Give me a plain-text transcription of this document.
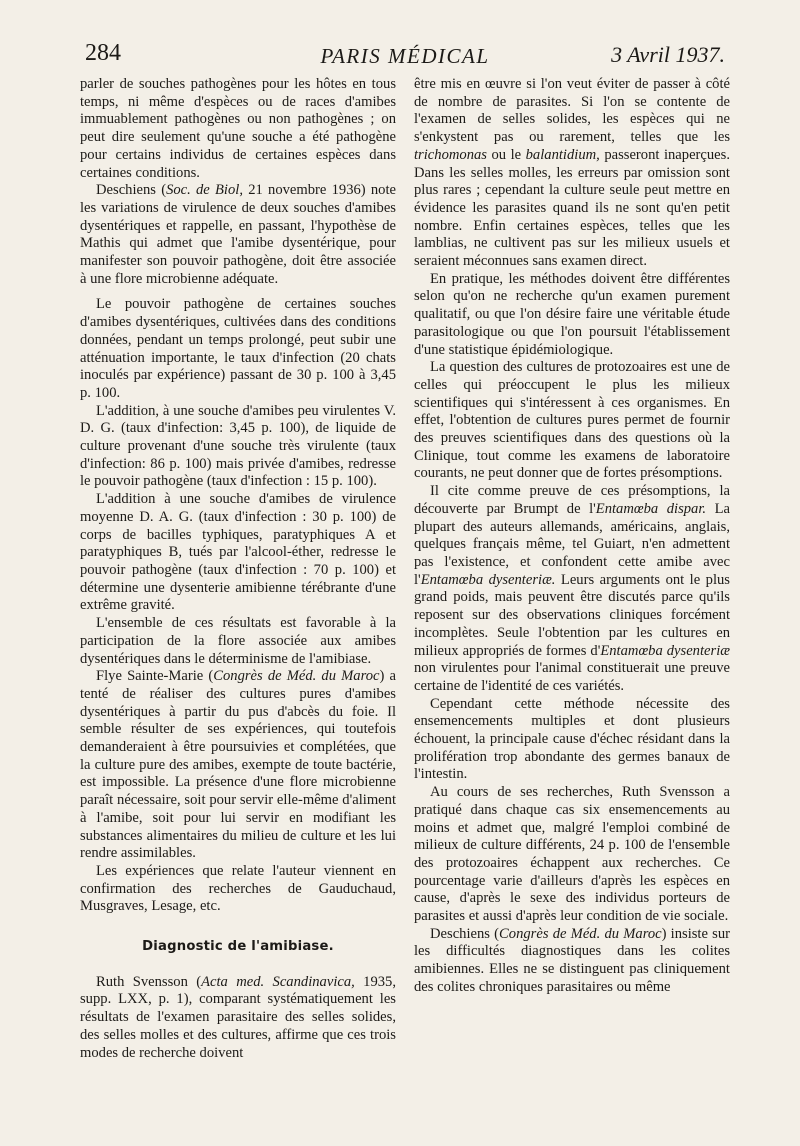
284	PARIS MÉDICAL	3 Avril 1937.

parler de souches pathogènes pour les hôtes en tous temps, ni même d'espèces ou de races d'amibes immuablement pathogènes ou non pathogènes ; on peut dire seulement qu'une souche a été pathogène pour certains individus de certaines espèces dans certaines conditions.

Deschiens (Soc. de Biol, 21 novembre 1936) note les variations de virulence de deux souches d'amibes dysentériques et rappelle, en passant, l'hypothèse de Mathis qui admet que l'amibe dysentérique, pour manifester son pouvoir pathogène, doit être associée à une flore microbienne adéquate.

Le pouvoir pathogène de certaines souches d'amibes dysentériques, cultivées dans des conditions données, pendant un temps prolongé, peut subir une atténuation importante, le taux d'infection (20 chats inoculés par expérience) passant de 30 p. 100 à 3,45 p. 100.

L'addition, à une souche d'amibes peu virulentes V. D. G. (taux d'infection: 3,45 p. 100), de liquide de culture provenant d'une souche très virulente (taux d'infection: 86 p. 100) mais privée d'amibes, redresse le pouvoir pathogène (taux d'infection : 15 p. 100).

L'addition à une souche d'amibes de virulence moyenne D. A. G. (taux d'infection : 30 p. 100) de corps de bacilles typhiques, paratyphiques A et paratyphiques B, tués par l'alcool-éther, redresse le pouvoir pathogène (taux d'infection : 70 p. 100) et détermine une dysenterie amibienne térébrante d'une extrême gravité.

L'ensemble de ces résultats est favorable à la participation de la flore associée aux amibes dysentériques dans le déterminisme de l'amibiase.

Flye Sainte-Marie (Congrès de Méd. du Maroc) a tenté de réaliser des cultures pures d'amibes dysentériques à partir du pus d'abcès du foie. Il semble résulter de ses expériences, qui toutefois demanderaient à être poursuivies et complétées, que la culture pure des amibes, exempte de toute bactérie, est impossible. La présence d'une flore microbienne paraît nécessaire, soit pour servir elle-même d'aliment à l'amibe, soit pour lui servir en modifiant les substances alimentaires du milieu de culture et les lui rendre assimilables.

Les expériences que relate l'auteur viennent en confirmation des recherches de Gauduchaud, Musgraves, Lesage, etc.

Diagnostic de l'amibiase.

Ruth Svensson (Acta med. Scandinavica, 1935, supp. LXX, p. 1), comparant systématiquement les résultats de l'examen parasitaire des selles solides, des selles molles et des cultures, affirme que ces trois modes de recherche doivent

être mis en œuvre si l'on veut éviter de passer à côté de nombre de parasites. Si l'on se contente de l'examen de selles solides, les espèces qui ne s'enkystent pas ou rarement, telles que les trichomonas ou le balantidium, passeront inaperçues. Dans les selles molles, les erreurs par omission sont plus rares ; cependant la culture seule peut mettre en évidence les parasites quand ils ne sont qu'en petit nombre. Enfin certaines espèces, telles que les lamblias, ne cultivent pas sur les milieux usuels et seraient méconnues sans examen direct.

En pratique, les méthodes doivent être différentes selon qu'on ne recherche qu'un examen purement qualitatif, ou que l'on désire faire une véritable étude parasitologique ou que l'on poursuit l'établissement d'une statistique épidémiologique.

La question des cultures de protozoaires est une de celles qui préoccupent le plus les milieux scientifiques qui s'intéressent à ces organismes. En effet, l'obtention de cultures pures permet de fournir des preuves scientifiques dans des questions où la Clinique, tout comme les examens de laboratoire courants, ne peut donner que de fortes présomptions.

Il cite comme preuve de ces présomptions, la découverte par Brumpt de l'Entamœba dispar. La plupart des auteurs allemands, américains, anglais, quelques français même, tel Guiart, n'en admettent pas l'existence, et confondent cette amibe avec l'Entamœba dysenteriæ. Leurs arguments ont le plus grand poids, mais peuvent être discutés parce qu'ils reposent sur des observations cliniques forcément incomplètes. Seule l'obtention par les cultures en milieux appropriés de formes d'Entamœba dysenteriæ non virulentes pour l'animal constituerait une preuve certaine de l'identité de ces variétés.

Cependant cette méthode nécessite des ensemencements multiples et dont plusieurs échouent, la principale cause d'échec résidant dans la prolifération trop abondante des germes banaux de l'intestin.

Au cours de ses recherches, Ruth Svensson a pratiqué dans chaque cas six ensemencements au moins et admet que, malgré l'emploi combiné de milieux de culture différents, 24 p. 100 de l'ensemble des protozoaires échappent aux recherches. Ce pourcentage varie d'ailleurs d'après les espèces en cause, d'après le sexe des individus porteurs de parasites et aussi d'après leur condition de vie sociale.

Deschiens (Congrès de Méd. du Maroc) insiste sur les difficultés diagnostiques dans les colites amibiennes. Elles ne se distinguent pas cliniquement des colites chroniques parasitaires ou même
